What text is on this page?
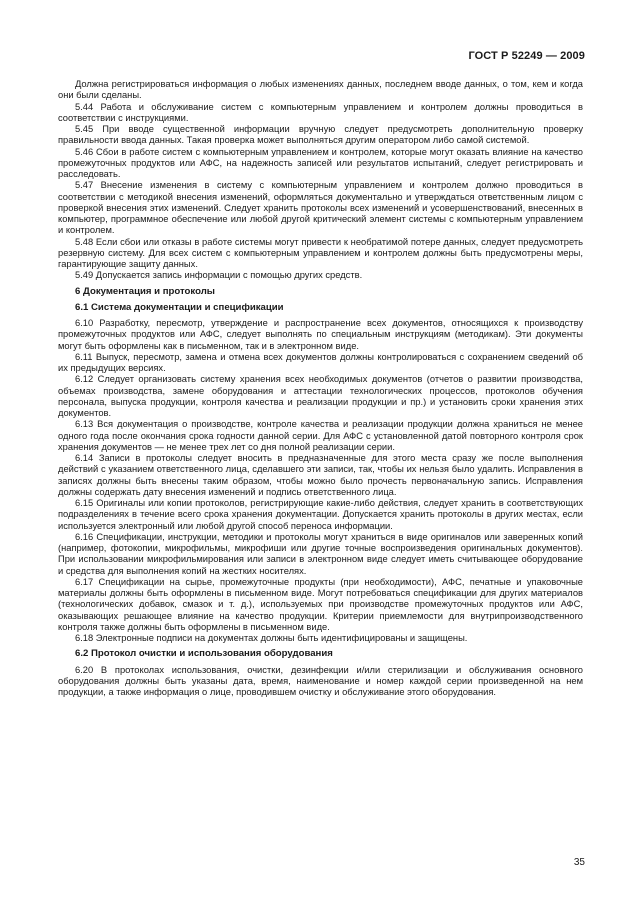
ГОСТ Р 52249 — 2009

Должна регистрироваться информация о любых изменениях данных, последнем вводе данных, о том, кем и когда они были сделаны.

5.44 Работа и обслуживание систем с компьютерным управлением и контролем должны проводиться в соответствии с инструкциями.

5.45 При вводе существенной информации вручную следует предусмотреть дополнительную проверку правильности ввода данных. Такая проверка может выполняться другим оператором либо самой системой.

5.46 Сбои в работе систем с компьютерным управлением и контролем, которые могут оказать влияние на качество промежуточных продуктов или АФС, на надежность записей или результатов испытаний, следует регистрировать и расследовать.

5.47 Внесение изменения в систему с компьютерным управлением и контролем должно проводиться в соответствии с методикой внесения изменений, оформляться документально и утверждаться ответственным лицом с проверкой внесения этих изменений. Следует хранить протоколы всех изменений и усовершенствований, внесенных в компьютер, программное обеспечение или любой другой критический элемент системы с компьютерным управлением и контролем.

5.48 Если сбои или отказы в работе системы могут привести к необратимой потере данных, следует предусмотреть резервную систему. Для всех систем с компьютерным управлением и контролем должны быть предусмотрены меры, гарантирующие защиту данных.

5.49 Допускается запись информации с помощью других средств.

6 Документация и протоколы

6.1 Система документации и спецификации

6.10 Разработку, пересмотр, утверждение и распространение всех документов, относящихся к производству промежуточных продуктов или АФС, следует выполнять по специальным инструкциям (методикам). Эти документы могут быть оформлены как в письменном, так и в электронном виде.

6.11 Выпуск, пересмотр, замена и отмена всех документов должны контролироваться с сохранением сведений об их предыдущих версиях.

6.12 Следует организовать систему хранения всех необходимых документов (отчетов о развитии производства, объемах производства, замене оборудования и аттестации технологических процессов, протоколов обучения персонала, выпуска продукции, контроля качества и реализации продукции и пр.) и установить сроки хранения этих документов.

6.13 Вся документация о производстве, контроле качества и реализации продукции должна храниться не менее одного года после окончания срока годности данной серии. Для АФС с установленной датой повторного контроля срок хранения документов — не менее трех лет со дня полной реализации серии.

6.14 Записи в протоколы следует вносить в предназначенные для этого места сразу же после выполнения действий с указанием ответственного лица, сделавшего эти записи, так, чтобы их нельзя было удалить. Исправления в записях должны быть внесены таким образом, чтобы можно было прочесть первоначальную запись. Исправления должны содержать дату внесения изменений и подпись ответственного лица.

6.15 Оригиналы или копии протоколов, регистрирующие какие-либо действия, следует хранить в соответствующих подразделениях в течение всего срока хранения документации. Допускается хранить протоколы в других местах, если используется электронный или любой другой способ переноса информации.

6.16 Спецификации, инструкции, методики и протоколы могут храниться в виде оригиналов или заверенных копий (например, фотокопии, микрофильмы, микрофиши или другие точные воспроизведения оригинальных документов). При использовании микрофильмирования или записи в электронном виде следует иметь считывающее оборудование и средства для выполнения копий на жестких носителях.

6.17 Спецификации на сырье, промежуточные продукты (при необходимости), АФС, печатные и упаковочные материалы должны быть оформлены в письменном виде. Могут потребоваться спецификации для других материалов (технологических добавок, смазок и т. д.), используемых при производстве промежуточных продуктов или АФС, оказывающих решающее влияние на качество продукции. Критерии приемлемости для внутрипроизводственного контроля также должны быть оформлены в письменном виде.

6.18 Электронные подписи на документах должны быть идентифицированы и защищены.

6.2 Протокол очистки и использования оборудования

6.20 В протоколах использования, очистки, дезинфекции и/или стерилизации и обслуживания основного оборудования должны быть указаны дата, время, наименование и номер каждой серии произведенной на нем продукции, а также информация о лице, проводившем очистку и обслуживание этого оборудования.

35
